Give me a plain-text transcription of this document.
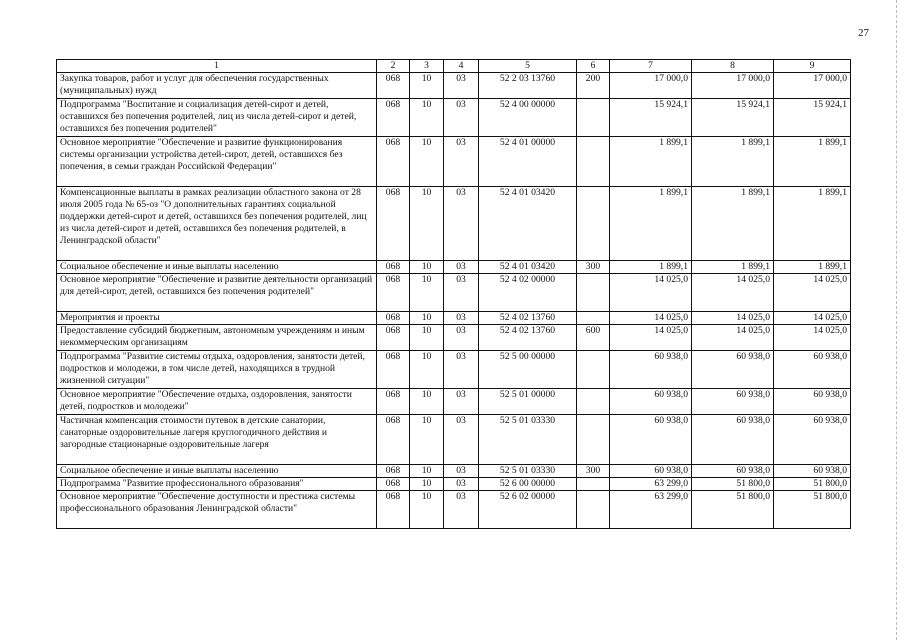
27
1	2	3	4	5	6	7	8	9
Закупка товаров, работ и услуг для обеспечения государственных (муниципальных) нужд	068	10	03	52 2 03 13760	200	17 000,0	17 000,0	17 000,0
Подпрограмма "Воспитание и социализация детей-сирот и детей, оставшихся без попечения родителей, лиц из числа детей-сирот и детей, оставшихся без попечения родителей"	068	10	03	52 4 00 00000		15 924,1	15 924,1	15 924,1
Основное мероприятие "Обеспечение и развитие функционирования системы организации устройства детей-сирот, детей, оставшихся без попечения, в семьи граждан Российской Федерации"	068	10	03	52 4 01 00000		1 899,1	1 899,1	1 899,1
Компенсационные выплаты в рамках реализации областного закона от 28 июля 2005 года № 65-оз "О дополнительных гарантиях социальной поддержки детей-сирот и детей, оставшихся без попечения родителей, лиц из числа детей-сирот и детей, оставшихся без попечения родителей, в Ленинградской области"	068	10	03	52 4 01 03420		1 899,1	1 899,1	1 899,1
Социальное обеспечение и иные выплаты населению	068	10	03	52 4 01 03420	300	1 899,1	1 899,1	1 899,1
Основное мероприятие "Обеспечение и развитие деятельности организаций для детей-сирот, детей, оставшихся без попечения родителей"	068	10	03	52 4 02 00000		14 025,0	14 025,0	14 025,0
Мероприятия и проекты	068	10	03	52 4 02 13760		14 025,0	14 025,0	14 025,0
Предоставление субсидий бюджетным, автономным учреждениям и иным некоммерческим организациям	068	10	03	52 4 02 13760	600	14 025,0	14 025,0	14 025,0
Подпрограмма "Развитие системы отдыха, оздоровления, занятости детей, подростков и молодежи, в том числе детей, находящихся в трудной жизненной ситуации"	068	10	03	52 5 00 00000		60 938,0	60 938,0	60 938,0
Основное мероприятие "Обеспечение отдыха, оздоровления, занятости детей, подростков и молодежи"	068	10	03	52 5 01 00000		60 938,0	60 938,0	60 938,0
Частичная компенсация стоимости путевок в детские санатории, санаторные оздоровительные лагеря круглогодичного действия и загородные стационарные оздоровительные лагеря	068	10	03	52 5 01 03330		60 938,0	60 938,0	60 938,0
Социальное обеспечение и иные выплаты населению	068	10	03	52 5 01 03330	300	60 938,0	60 938,0	60 938,0
Подпрограмма "Развитие профессионального образования"	068	10	03	52 6 00 00000		63 299,0	51 800,0	51 800,0
Основное мероприятие "Обеспечение доступности и престижа системы профессионального образования Ленинградской области"	068	10	03	52 6 02 00000		63 299,0	51 800,0	51 800,0
